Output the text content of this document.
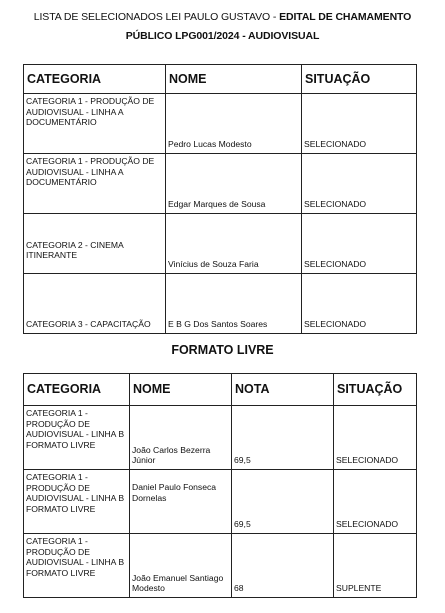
LISTA DE SELECIONADOS LEI PAULO GUSTAVO - EDITAL DE CHAMAMENTO
PÚBLICO LPG001/2024 - AUDIOVISUAL
CATEGORIA	NOME	SITUAÇÃO
CATEGORIA 1 - PRODUÇÃO DE AUDIOVISUAL - LINHA A DOCUMENTÁRIO	Pedro Lucas Modesto	SELECIONADO
CATEGORIA 1 - PRODUÇÃO DE AUDIOVISUAL - LINHA A DOCUMENTÁRIO	Edgar Marques de Sousa	SELECIONADO
CATEGORIA 2 - CINEMA ITINERANTE	Vinícius de Souza Faria	SELECIONADO
CATEGORIA 3 - CAPACITAÇÃO	E B G Dos Santos Soares	SELECIONADO
FORMATO LIVRE
CATEGORIA	NOME	NOTA	SITUAÇÃO
CATEGORIA 1 - PRODUÇÃO DE AUDIOVISUAL - LINHA B FORMATO LIVRE	João Carlos Bezerra Júnior	69,5	SELECIONADO
CATEGORIA 1 - PRODUÇÃO DE AUDIOVISUAL - LINHA B FORMATO LIVRE	Daniel Paulo Fonseca Dornelas	69,5	SELECIONADO
CATEGORIA 1 - PRODUÇÃO DE AUDIOVISUAL - LINHA B FORMATO LIVRE	João Emanuel Santiago Modesto	68	SUPLENTE
